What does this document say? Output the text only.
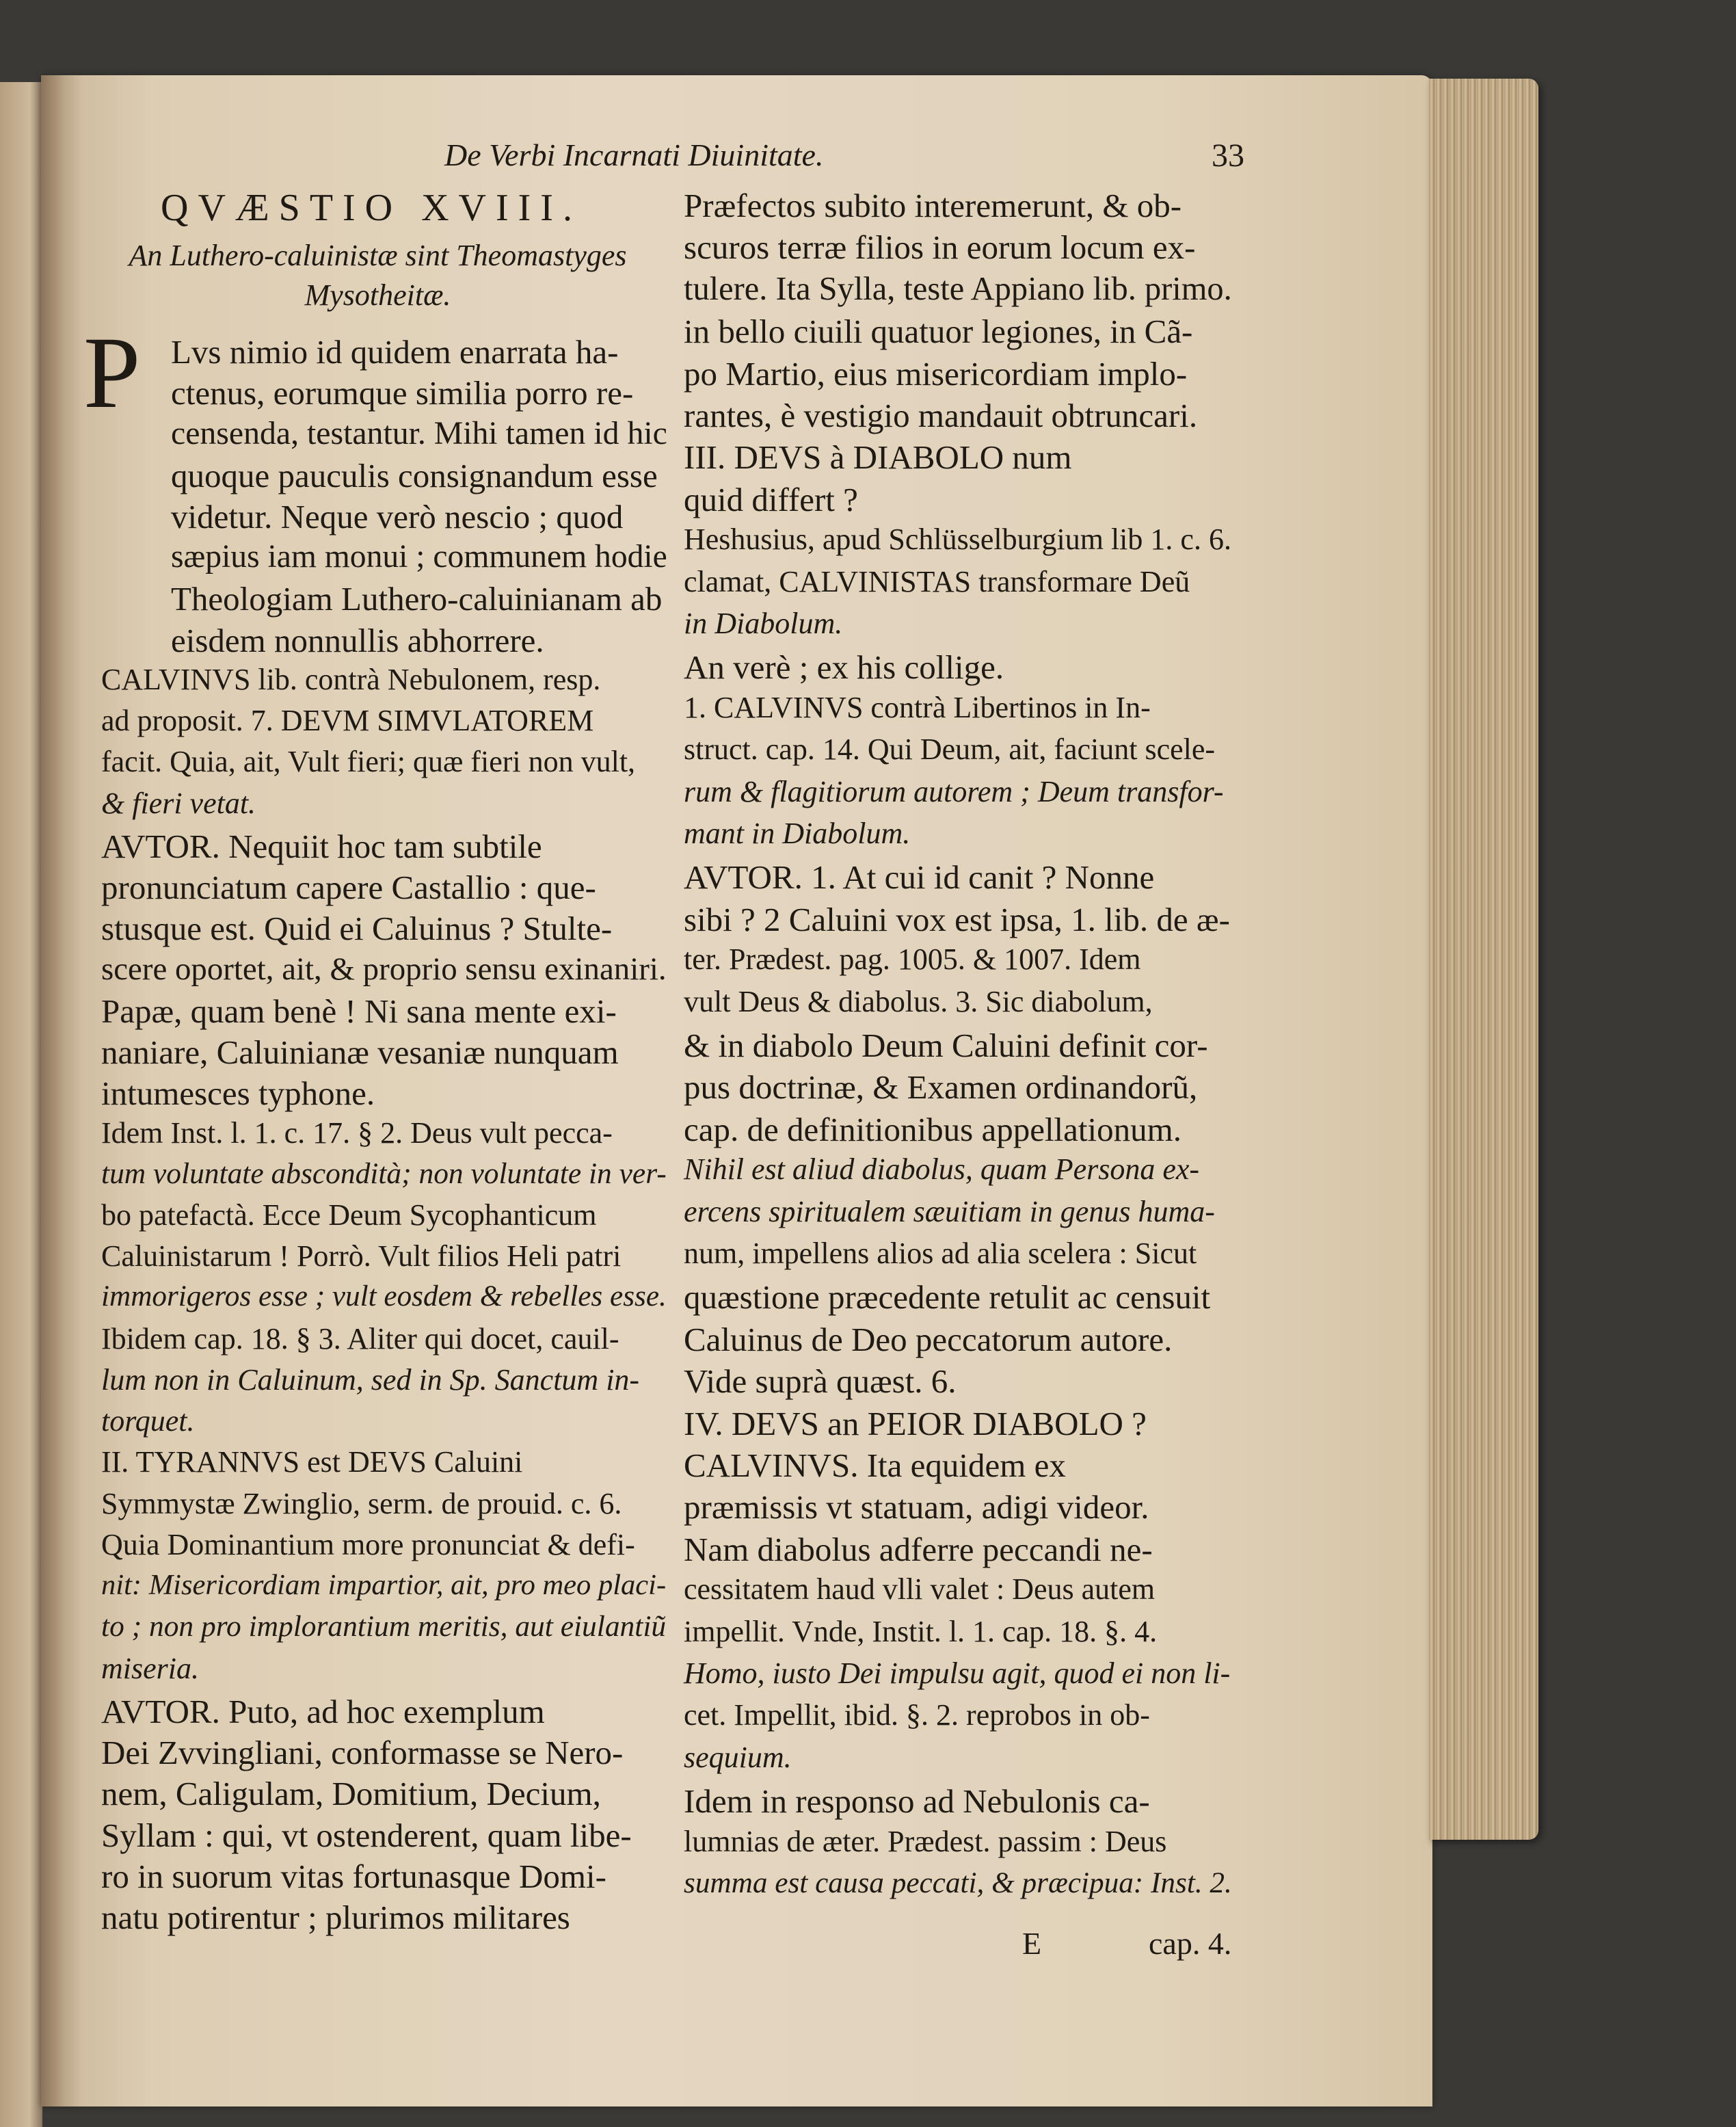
De Verbi Incarnati Diuinitate.	33
QVÆSTIO XVIII.
An Luthero-caluinistæ sint Theomastyges
Mysotheitæ.
P Lvs nimio id quidem enarrata ha-
ctenus, eorumque similia porro re-
censenda, testantur. Mihi tamen id hic
quoque pauculis consignandum esse
videtur. Neque verò nescio ; quod
sæpius iam monui ; communem hodie
Theologiam Luthero-caluinianam ab
eisdem nonnullis abhorrere.
CALVINVS lib. contrà Nebulonem, resp.
ad proposit. 7. DEVM SIMVLATOREM
facit. Quia, ait, Vult fieri; quæ fieri non vult,
& fieri vetat.
AVTOR. Nequiit hoc tam subtile
pronunciatum capere Castallio : que-
stusque est. Quid ei Caluinus ? Stulte-
scere oportet, ait, & proprio sensu exinaniri.
Papæ, quam benè ! Ni sana mente exi-
naniare, Caluinianæ vesaniæ nunquam
intumesces typhone.
Idem Inst. l. 1. c. 17. § 2. Deus vult pecca-
tum voluntate abscondità; non voluntate in ver-
bo patefactà. Ecce Deum Sycophanticum
Caluinistarum ! Porrò. Vult filios Heli patri
immorigeros esse ; vult eosdem & rebelles esse.
Ibidem cap. 18. § 3. Aliter qui docet, cauil-
lum non in Caluinum, sed in Sp. Sanctum in-
torquet.
II. TYRANNVS est DEVS Caluini
Symmystæ Zwinglio, serm. de prouid. c. 6.
Quia Dominantium more pronunciat & defi-
nit: Misericordiam impartior, ait, pro meo placi-
to ; non pro implorantium meritis, aut eiulantiũ
miseria.
AVTOR. Puto, ad hoc exemplum
Dei Zvvingliani, conformasse se Nero-
nem, Caligulam, Domitium, Decium,
Syllam : qui, vt ostenderent, quam libe-
ro in suorum vitas fortunasque Domi-
natu potirentur ; plurimos militares
Præfectos subito interemerunt, & ob-
scuros terræ filios in eorum locum ex-
tulere. Ita Sylla, teste Appiano lib. primo.
in bello ciuili quatuor legiones, in Cã-
po Martio, eius misericordiam implo-
rantes, è vestigio mandauit obtruncari.
III. DEVS à DIABOLO num
quid differt ?
Heshusius, apud Schlüsselburgium lib 1. c. 6.
clamat, CALVINISTAS transformare Deũ
in Diabolum.
An verè ; ex his collige.
1. CALVINVS contrà Libertinos in In-
struct. cap. 14. Qui Deum, ait, faciunt scele-
rum & flagitiorum autorem ; Deum transfor-
mant in Diabolum.
AVTOR. 1. At cui id canit ? Nonne
sibi ? 2 Caluini vox est ipsa, 1. lib. de æ-
ter. Prædest. pag. 1005. & 1007. Idem
vult Deus & diabolus. 3. Sic diabolum,
& in diabolo Deum Caluini definit cor-
pus doctrinæ, & Examen ordinandorũ,
cap. de definitionibus appellationum.
Nihil est aliud diabolus, quam Persona ex-
ercens spiritualem sæuitiam in genus huma-
num, impellens alios ad alia scelera : Sicut
quæstione præcedente retulit ac censuit
Caluinus de Deo peccatorum autore.
Vide suprà quæst. 6.
IV. DEVS an PEIOR DIABOLO ?
CALVINVS. Ita equidem ex
præmissis vt statuam, adigi videor.
Nam diabolus adferre peccandi ne-
cessitatem haud vlli valet : Deus autem
impellit. Vnde, Instit. l. 1. cap. 18. §. 4.
Homo, iusto Dei impulsu agit, quod ei non li-
cet. Impellit, ibid. §. 2. reprobos in ob-
sequium.
Idem in responso ad Nebulonis ca-
lumnias de æter. Prædest. passim : Deus
summa est causa peccati, & præcipua: Inst. 2.
E	cap. 4.
